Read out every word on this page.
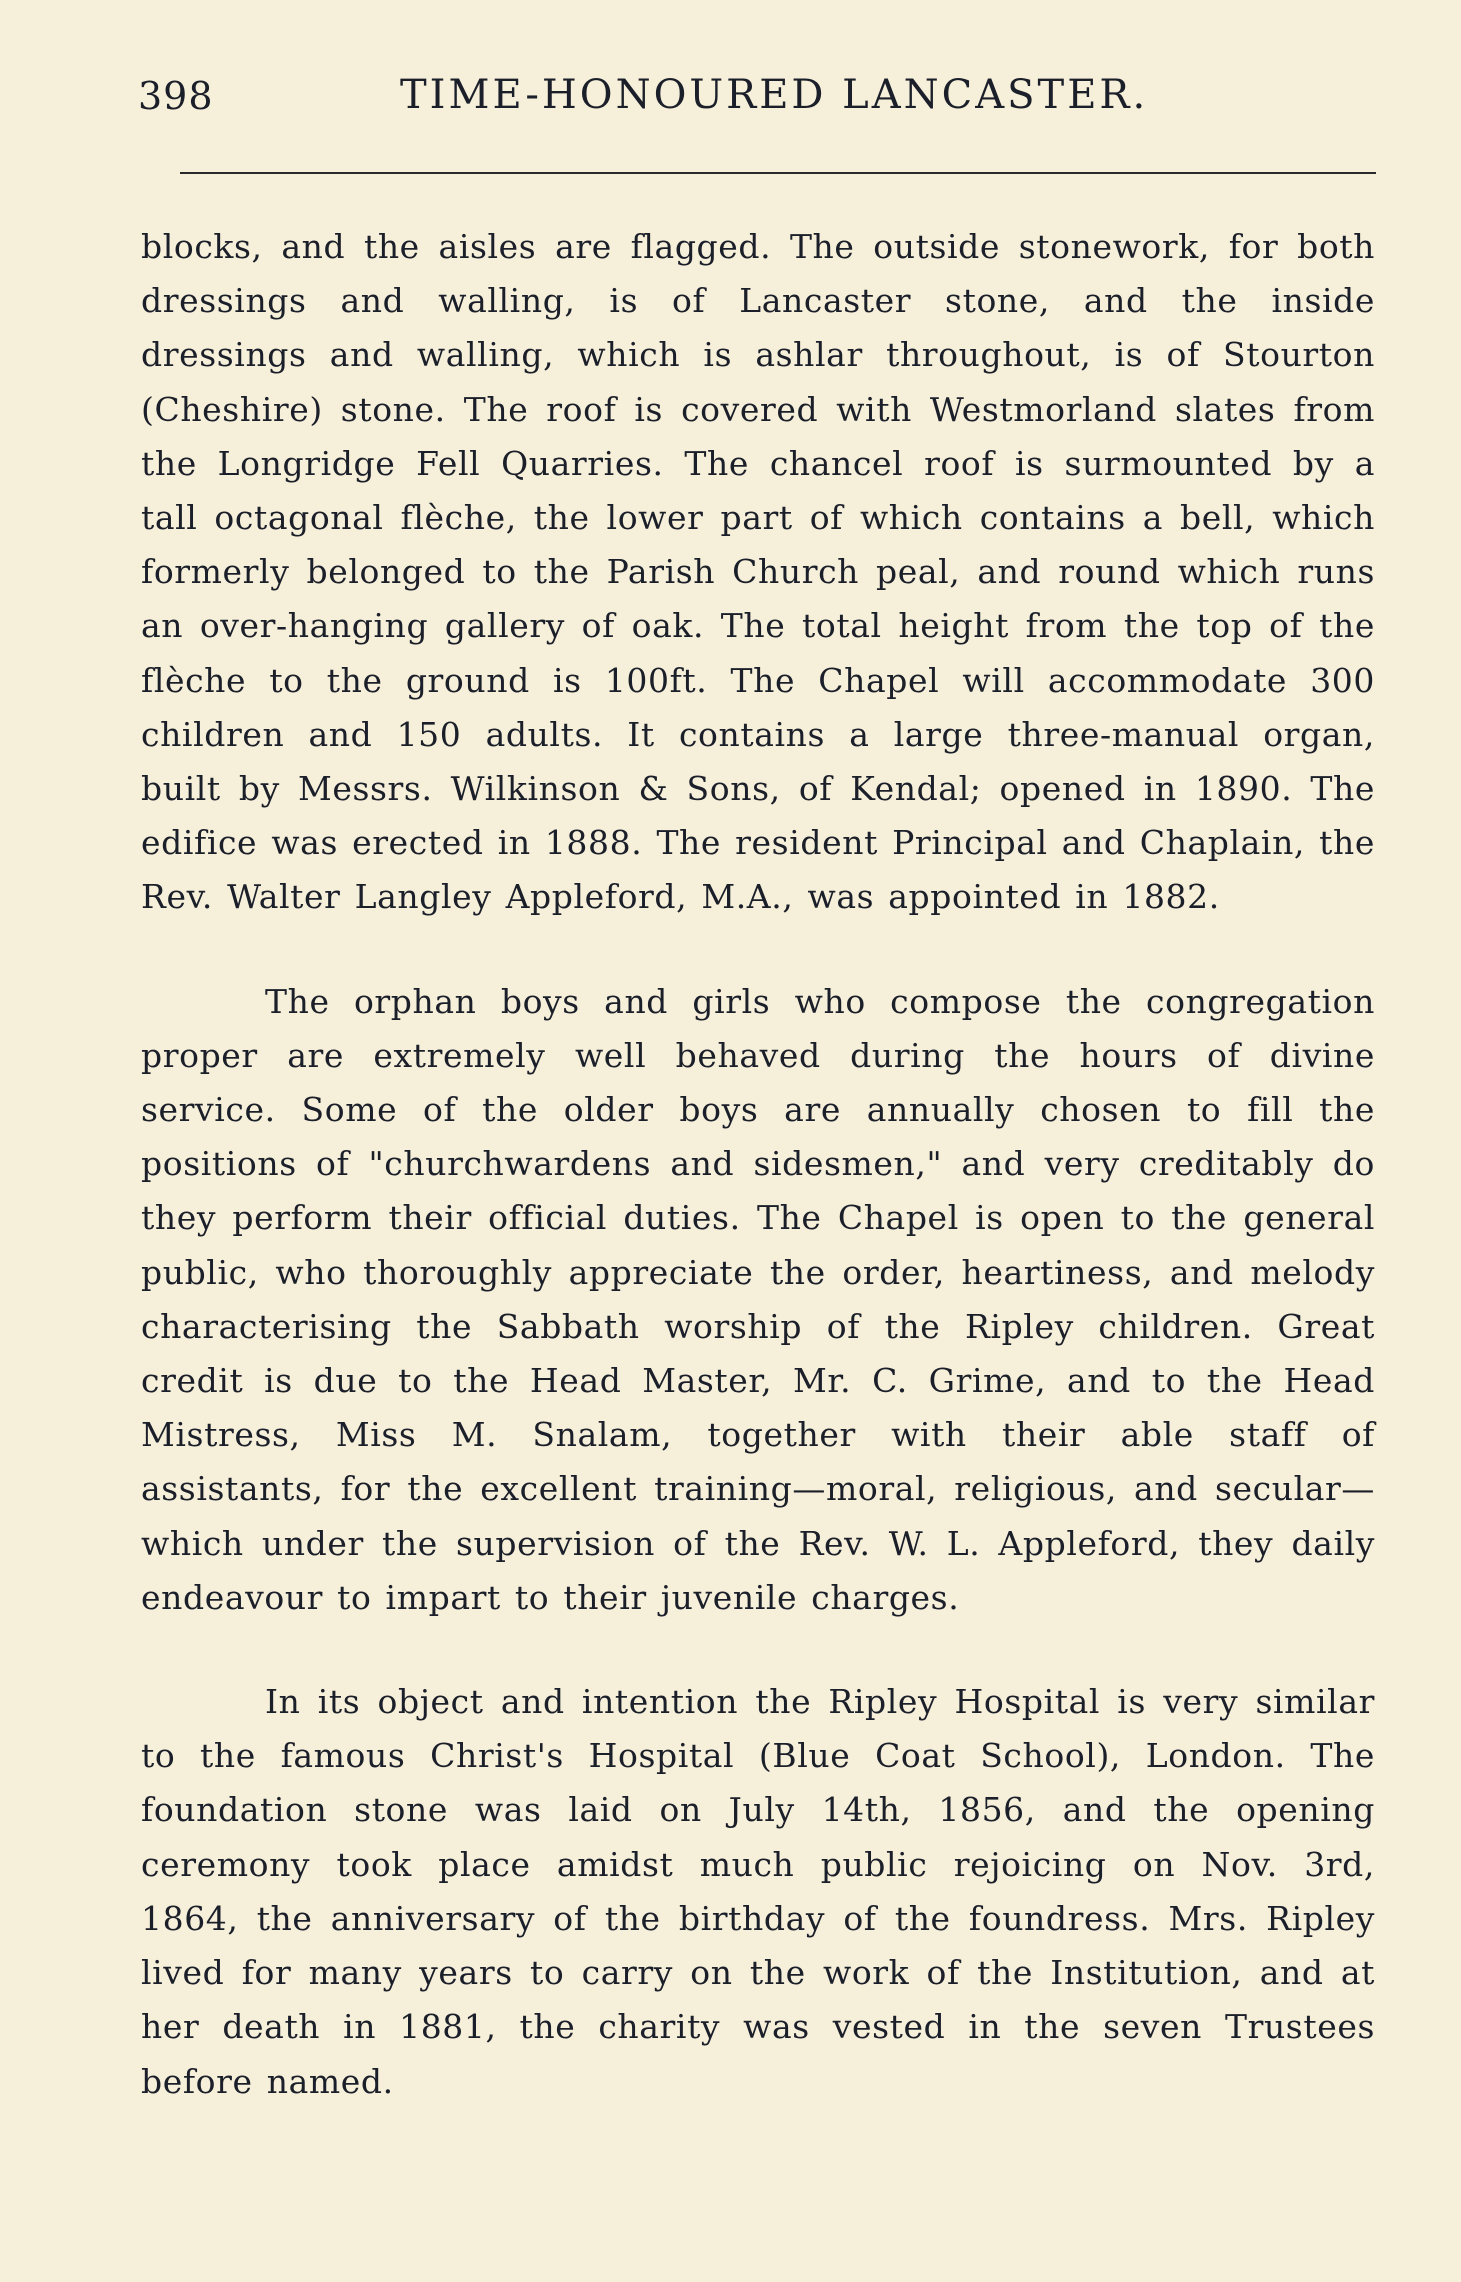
398	TIME-HONOURED LANCASTER.

blocks, and the aisles are flagged. The outside stonework, for both dressings and walling, is of Lancaster stone, and the inside dressings and walling, which is ashlar throughout, is of Stourton (Cheshire) stone. The roof is covered with Westmorland slates from the Longridge Fell Quarries. The chancel roof is surmounted by a tall octagonal flèche, the lower part of which contains a bell, which formerly belonged to the Parish Church peal, and round which runs an over-hanging gallery of oak. The total height from the top of the flèche to the ground is 100ft. The Chapel will accommodate 300 children and 150 adults. It contains a large three-manual organ, built by Messrs. Wilkinson & Sons, of Kendal; opened in 1890. The edifice was erected in 1888. The resident Principal and Chaplain, the Rev. Walter Langley Appleford, M.A., was appointed in 1882.

The orphan boys and girls who compose the congregation proper are extremely well behaved during the hours of divine service. Some of the older boys are annually chosen to fill the positions of "churchwardens and sidesmen," and very creditably do they perform their official duties. The Chapel is open to the general public, who thoroughly appreciate the order, heartiness, and melody characterising the Sabbath worship of the Ripley children. Great credit is due to the Head Master, Mr. C. Grime, and to the Head Mistress, Miss M. Snalam, together with their able staff of assistants, for the excellent training—moral, religious, and secular—which under the supervision of the Rev. W. L. Appleford, they daily endeavour to impart to their juvenile charges.

In its object and intention the Ripley Hospital is very similar to the famous Christ's Hospital (Blue Coat School), London. The foundation stone was laid on July 14th, 1856, and the opening ceremony took place amidst much public rejoicing on Nov. 3rd, 1864, the anniversary of the birthday of the foundress. Mrs. Ripley lived for many years to carry on the work of the Institution, and at her death in 1881, the charity was vested in the seven Trustees before named.
